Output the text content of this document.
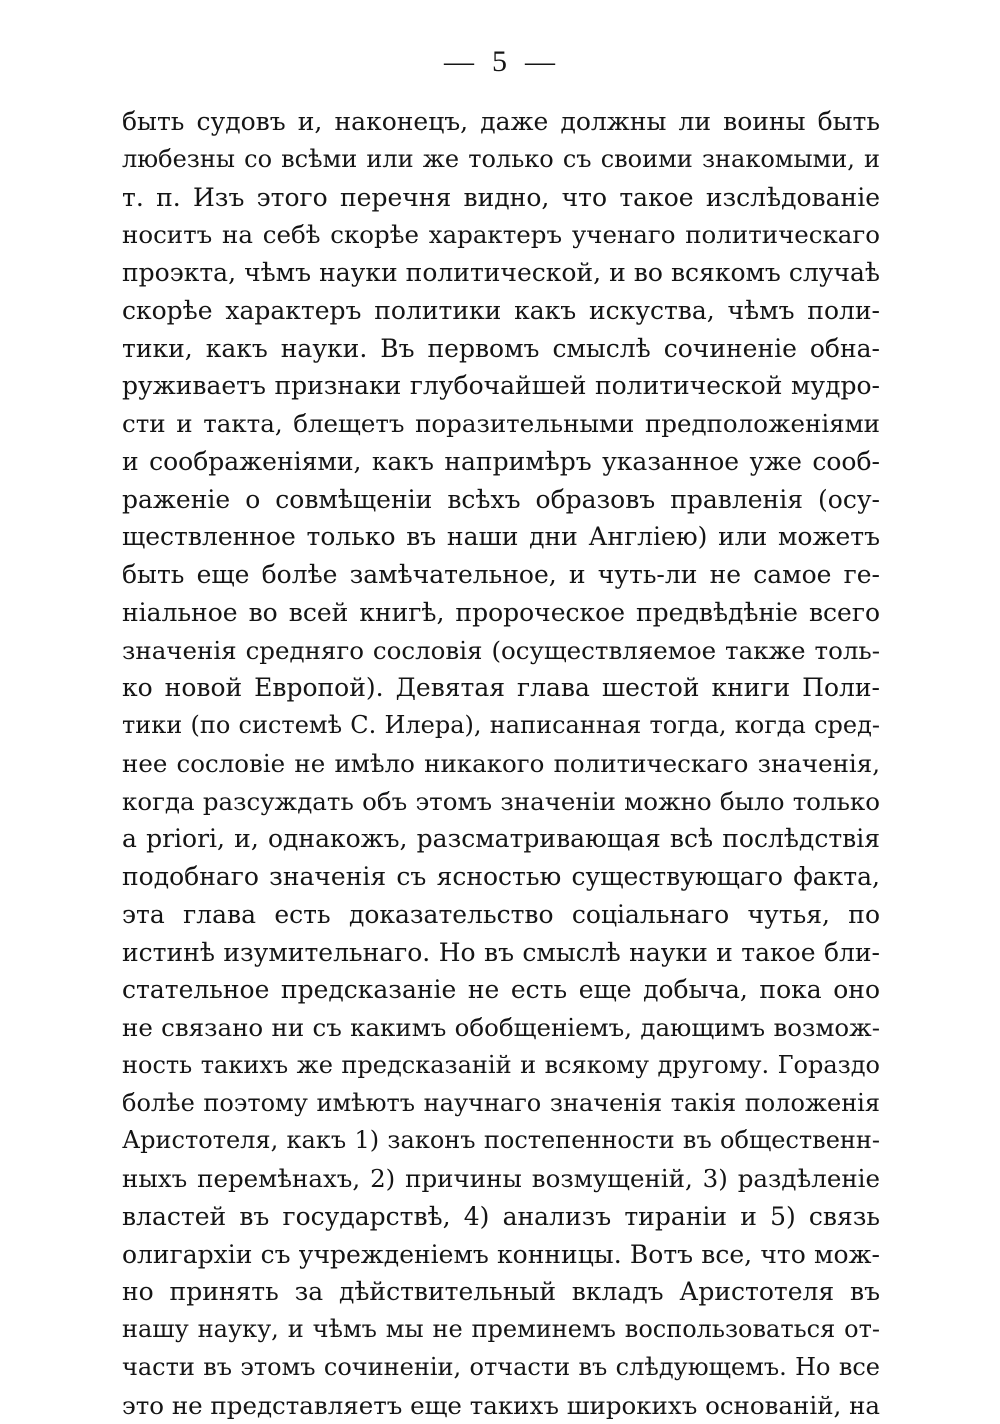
—  5  —
быть судовъ и, наконецъ, даже должны ли воины быть
любезны со всѣми или же только съ своими знакомыми, и
т. п. Изъ этого перечня видно, что такое изслѣдованіе
носитъ на себѣ скорѣе характеръ ученаго политическаго
проэкта, чѣмъ науки политической, и во всякомъ случаѣ
скорѣе характеръ политики какъ искуства, чѣмъ поли-
тики, какъ науки. Въ первомъ смыслѣ сочиненіе обна-
руживаетъ признаки глубочайшей политической мудро-
сти и такта, блещетъ поразительными предположеніями
и соображеніями, какъ напримѣръ указанное уже сооб-
раженіе о совмѣщеніи всѣхъ образовъ правленія (осу-
ществленное только въ наши дни Англіею) или можетъ
быть еще болѣе замѣчательное, и чуть-ли не самое ге-
ніальное во всей книгѣ, пророческое предвѣдѣніе всего
значенія средняго сословія (осуществляемое также толь-
ко новой Европой). Девятая глава шестой книги Поли-
тики (по системѣ С. Илера), написанная тогда, когда сред-
нее сословіе не имѣло никакого политическаго значенія,
когда разсуждать объ этомъ значеніи можно было только
a priori, и, однакожъ, разсматривающая всѣ послѣдствія
подобнаго значенія съ ясностью существующаго факта,
эта глава есть доказательство соціальнаго чутья, по
истинѣ изумительнаго. Но въ смыслѣ науки и такое бли-
стательное предсказаніе не есть еще добыча, пока оно
не связано ни съ какимъ обобщеніемъ, дающимъ возмож-
ность такихъ же предсказаній и всякому другому. Гораздо
болѣе поэтому имѣютъ научнаго значенія такія положенія
Аристотеля, какъ 1) законъ постепенности въ общественн-
ныхъ перемѣнахъ, 2) причины возмущеній, 3) раздѣленіе
властей въ государствѣ, 4) анализъ тираніи и 5) связь
олигархіи съ учрежденіемъ конницы. Вотъ все, что мож-
но принять за дѣйствительный вкладъ Аристотеля въ
нашу науку, и чѣмъ мы не преминемъ воспользоваться от-
части въ этомъ сочиненіи, отчасти въ слѣдующемъ. Но все
это не представляетъ еще такихъ широкихъ основаній, на
